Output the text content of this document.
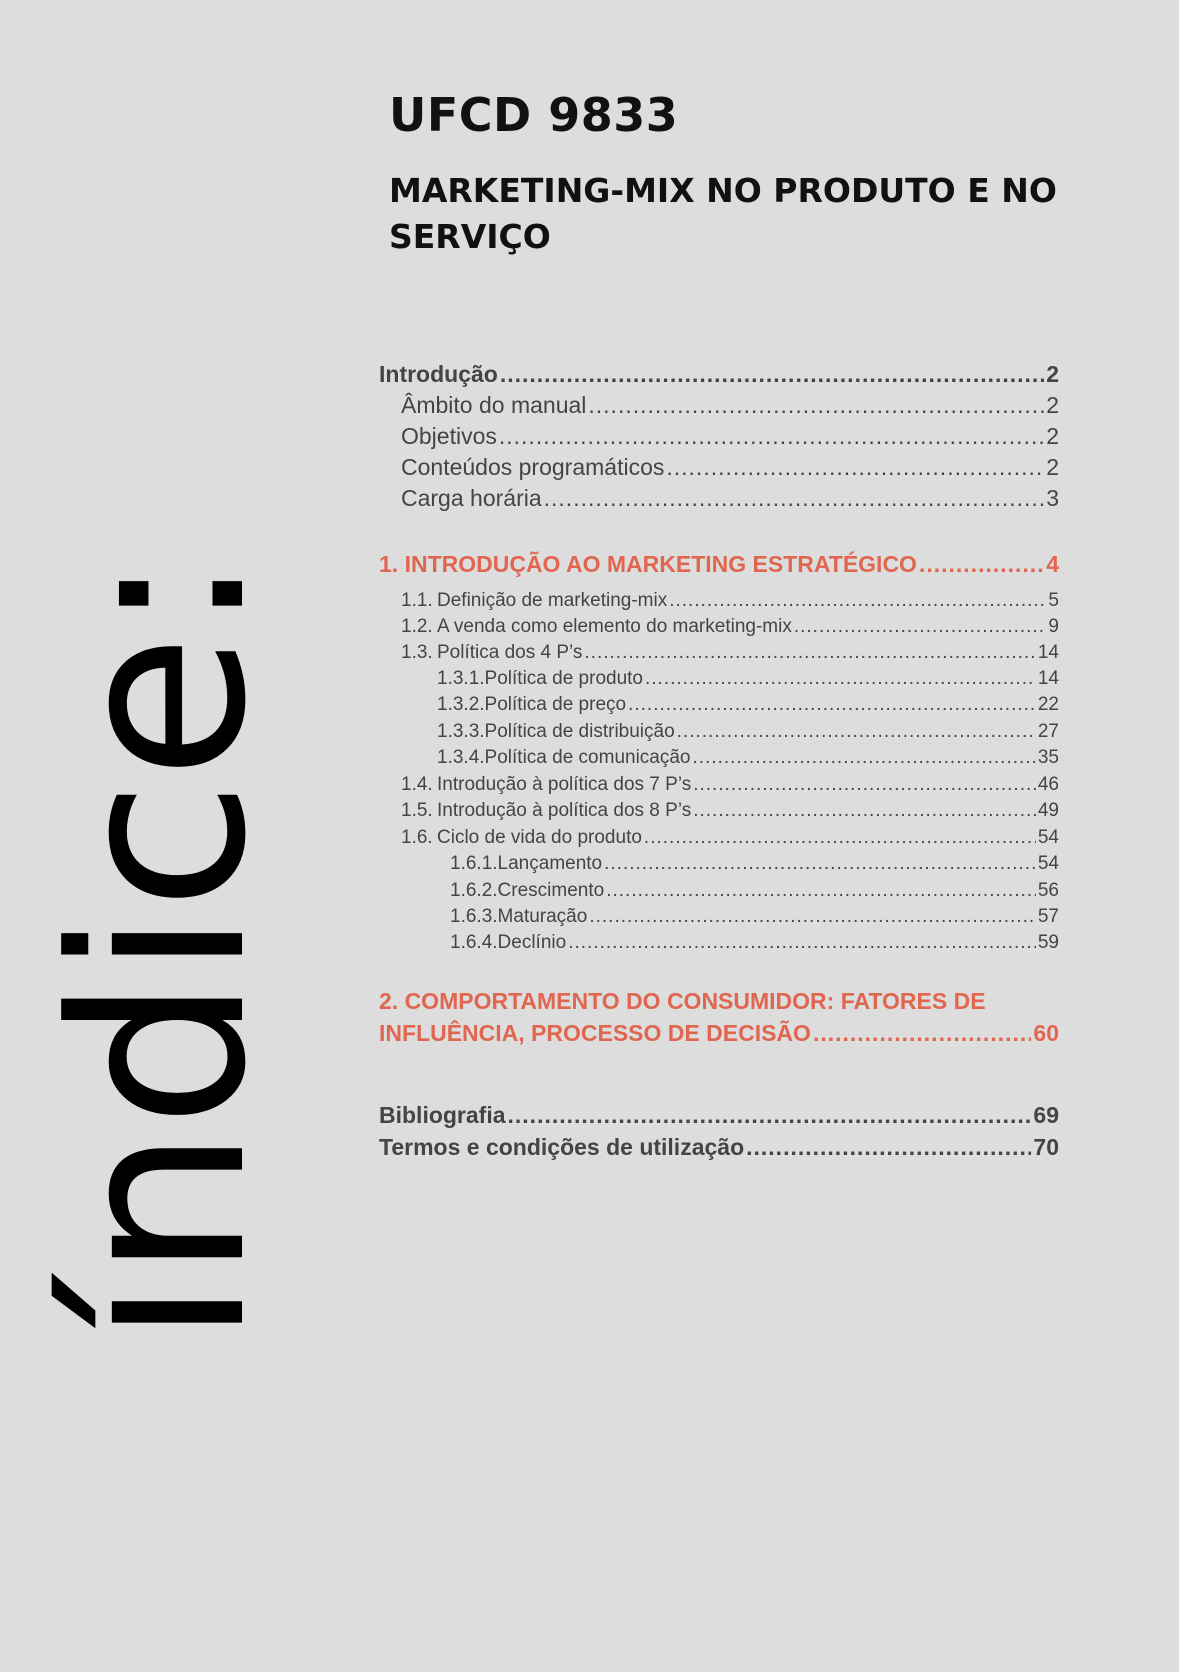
UFCD 9833
MARKETING-MIX NO PRODUTO E NO SERVIÇO
índice:
Introdução .....	2
Âmbito do manual .....	2
Objetivos .....	2
Conteúdos programáticos .....	2
Carga horária .....	3
1. INTRODUÇÃO AO MARKETING ESTRATÉGICO .....	4
1.1. Definição de marketing-mix .....	5
1.2. A venda como elemento do marketing-mix .....	9
1.3. Política dos 4 P’s .....	14
1.3.1.Política de produto .....	14
1.3.2.Política de preço .....	22
1.3.3.Política de distribuição .....	27
1.3.4.Política de comunicação .....	35
1.4. Introdução à política dos 7 P’s .....	46
1.5. Introdução à política dos 8 P’s .....	49
1.6. Ciclo de vida do produto .....	54
1.6.1.Lançamento .....	54
1.6.2.Crescimento .....	56
1.6.3.Maturação .....	57
1.6.4.Declínio .....	59
2. COMPORTAMENTO DO CONSUMIDOR: FATORES DE
INFLUÊNCIA, PROCESSO DE DECISÃO .....	60
Bibliografia .....	69
Termos e condições de utilização .....	70
